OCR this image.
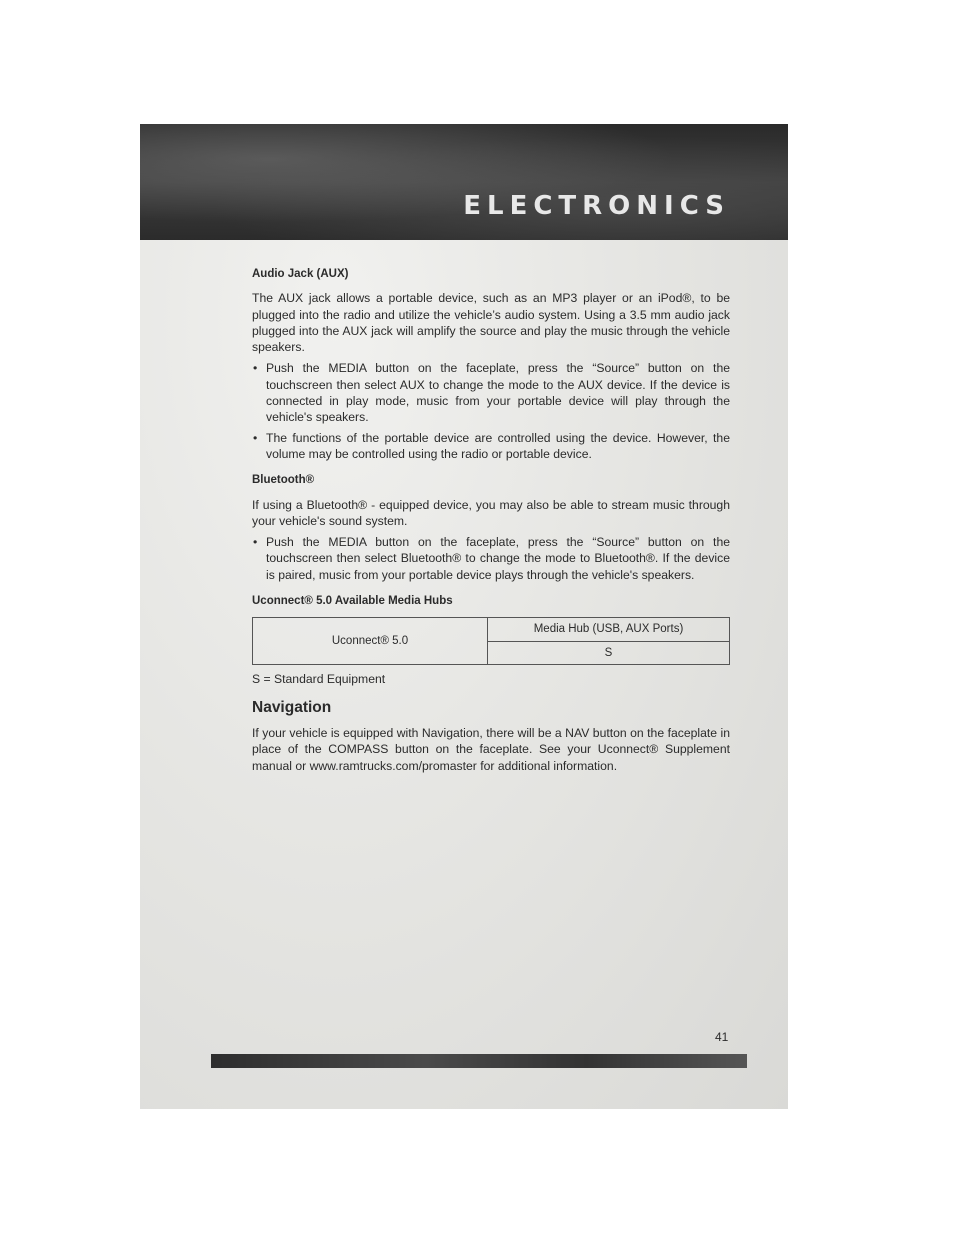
ELECTRONICS
Audio Jack (AUX)

The AUX jack allows a portable device, such as an MP3 player or an iPod®, to be plugged into the radio and utilize the vehicle’s audio system. Using a 3.5 mm audio jack plugged into the AUX jack will amplify the source and play the music through the vehicle speakers.

• Push the MEDIA button on the faceplate, press the “Source” button on the touchscreen then select AUX to change the mode to the AUX device. If the device is connected in play mode, music from your portable device will play through the vehicle's speakers.
• The functions of the portable device are controlled using the device. However, the volume may be controlled using the radio or portable device.
Bluetooth®

If using a Bluetooth® - equipped device, you may also be able to stream music through your vehicle's sound system.

• Push the MEDIA button on the faceplate, press the “Source” button on the touchscreen then select Bluetooth® to change the mode to Bluetooth®. If the device is paired, music from your portable device plays through the vehicle's speakers.
Uconnect® 5.0 Available Media Hubs
Uconnect® 5.0	Media Hub (USB, AUX Ports)
S

S = Standard Equipment

Navigation

If your vehicle is equipped with Navigation, there will be a NAV button on the faceplate in place of the COMPASS button on the faceplate. See your Uconnect® Supplement manual or www.ramtrucks.com/promaster for additional information.

41
